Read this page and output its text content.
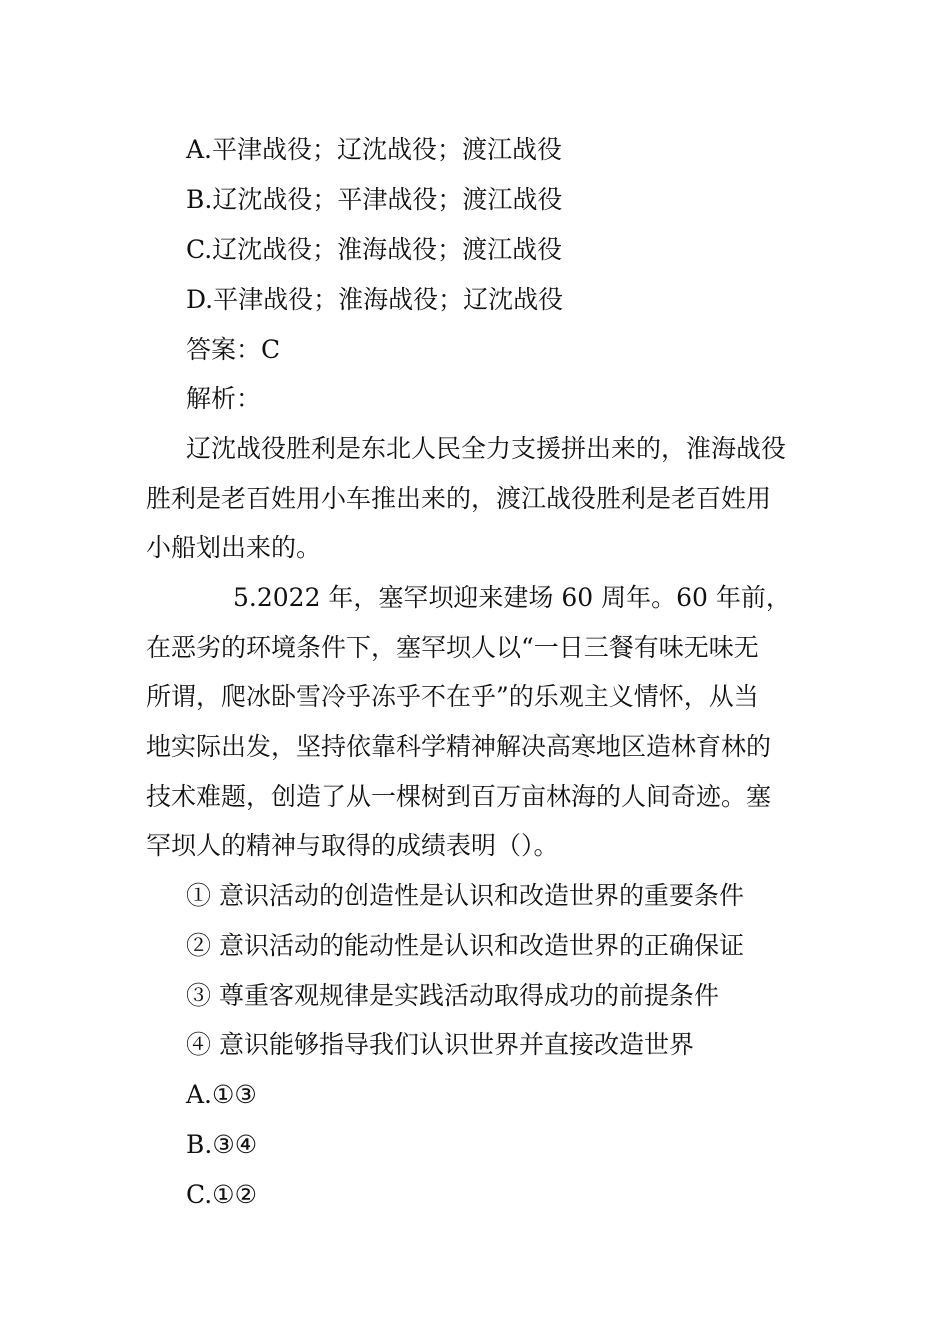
A.平津战役；辽沈战役；渡江战役
B.辽沈战役；平津战役；渡江战役
C.辽沈战役；淮海战役；渡江战役
D.平津战役；淮海战役；辽沈战役
答案：C
解析：
辽沈战役胜利是东北人民全力支援拼出来的，淮海战役
胜利是老百姓用小车推出来的，渡江战役胜利是老百姓用
小船划出来的。
5.2022 年，塞罕坝迎来建场 60 周年。60 年前，
在恶劣的环境条件下，塞罕坝人以“一日三餐有味无味无
所谓，爬冰卧雪冷乎冻乎不在乎”的乐观主义情怀，从当
地实际出发，坚持依靠科学精神解决高寒地区造林育林的
技术难题，创造了从一棵树到百万亩林海的人间奇迹。塞
罕坝人的精神与取得的成绩表明（）。
① 意识活动的创造性是认识和改造世界的重要条件
② 意识活动的能动性是认识和改造世界的正确保证
③ 尊重客观规律是实践活动取得成功的前提条件
④ 意识能够指导我们认识世界并直接改造世界
A.①③
B.③④
C.①②
